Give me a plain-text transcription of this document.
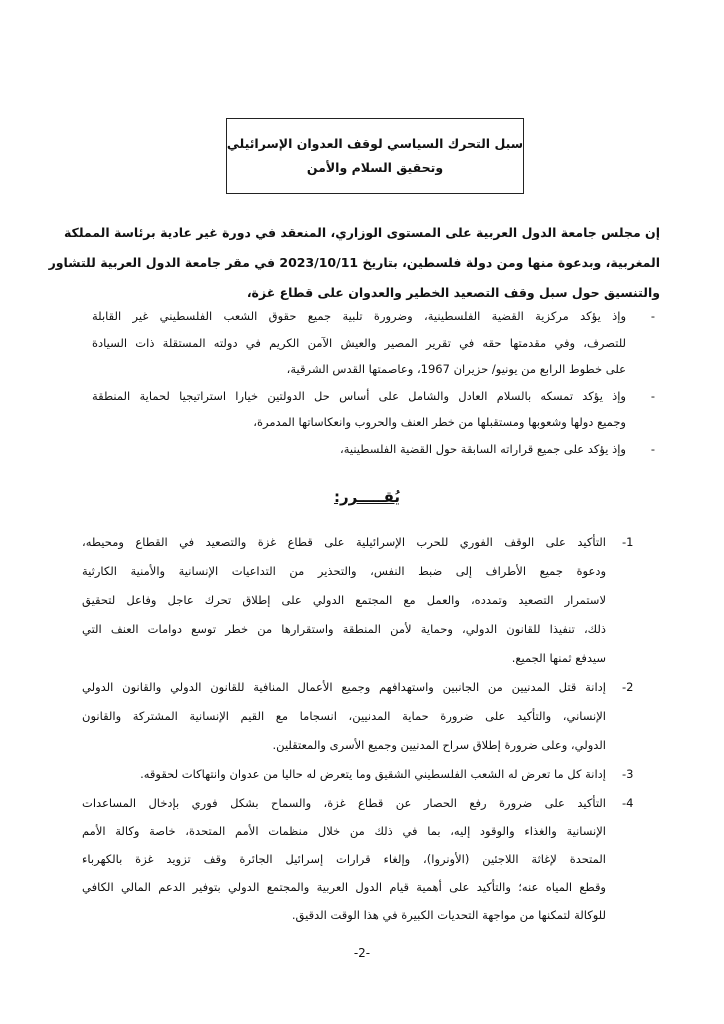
سبل التحرك السياسي لوقف العدوان الإسرائيلي
وتحقيق السلام والأمن
إن مجلس جامعة الدول العربية على المستوى الوزاري، المنعقد في دورة غير عادية برئاسة المملكة
المغربية، وبدعوة منها ومن دولة فلسطين، بتاريخ 2023/10/11 في مقر جامعة الدول العربية للتشاور
والتنسيق حول سبل وقف التصعيد الخطير والعدوان على قطاع غزة،
-
وإذ يؤكد مركزية القضية الفلسطينية، وضرورة تلبية جميع حقوق الشعب الفلسطيني غير القابلة
للتصرف، وفي مقدمتها حقه في تقرير المصير والعيش الآمن الكريم في دولته المستقلة ذات السيادة
على خطوط الرابع من يونيو/ حزيران 1967، وعاصمتها القدس الشرقية،
-
وإذ يؤكد تمسكه بالسلام العادل والشامل على أساس حل الدولتين خيارا استراتيجيا لحماية المنطقة
وجميع دولها وشعوبها ومستقبلها من خطر العنف والحروب وانعكاساتها المدمرة،
-
وإذ يؤكد على جميع قراراته السابقة حول القضية الفلسطينية،
يُقـــــرر:
-1
التأكيد على الوقف الفوري للحرب الإسرائيلية على قطاع غزة والتصعيد في القطاع ومحيطه،
ودعوة جميع الأطراف إلى ضبط النفس، والتحذير من التداعيات الإنسانية والأمنية الكارثية
لاستمرار التصعيد وتمدده، والعمل مع المجتمع الدولي على إطلاق تحرك عاجل وفاعل لتحقيق
ذلك، تنفيذا للقانون الدولي، وحماية لأمن المنطقة واستقرارها من خطر توسع دوامات العنف التي
سيدفع ثمنها الجميع.
-2
إدانة قتل المدنيين من الجانبين واستهدافهم وجميع الأعمال المنافية للقانون الدولي والقانون الدولي
الإنساني، والتأكيد على ضرورة حماية المدنيين، انسجاما مع القيم الإنسانية المشتركة والقانون
الدولي، وعلى ضرورة إطلاق سراح المدنيين وجميع الأسرى والمعتقلين.
-3
إدانة كل ما تعرض له الشعب الفلسطيني الشقيق وما يتعرض له حاليا من عدوان وانتهاكات لحقوقه.
-4
التأكيد على ضرورة رفع الحصار عن قطاع غزة، والسماح بشكل فوري بإدخال المساعدات
الإنسانية والغذاء والوقود إليه، بما في ذلك من خلال منظمات الأمم المتحدة، خاصة وكالة الأمم
المتحدة لإغاثة اللاجئين (الأونروا)، وإلغاء قرارات إسرائيل الجائرة وقف تزويد غزة بالكهرباء
وقطع المياه عنه؛ والتأكيد على أهمية قيام الدول العربية والمجتمع الدولي بتوفير الدعم المالي الكافي
للوكالة لتمكنها من مواجهة التحديات الكبيرة في هذا الوقت الدقيق.
-2-
